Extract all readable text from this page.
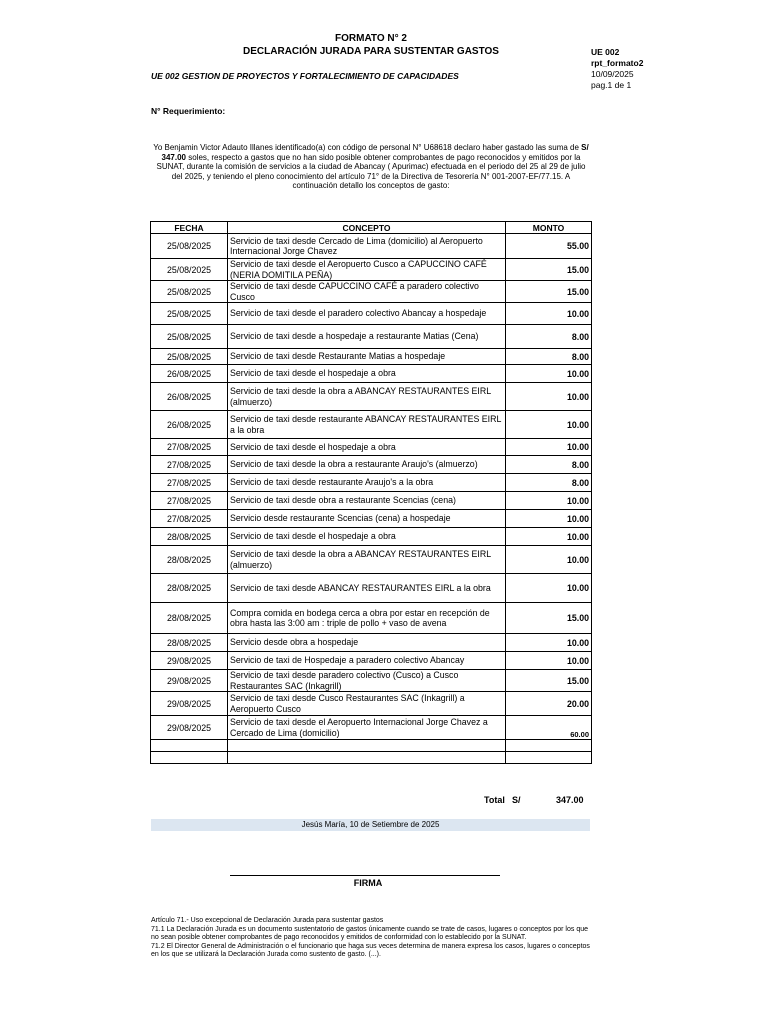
FORMATO N° 2
DECLARACIÓN JURADA PARA SUSTENTAR GASTOS	UE 002
rpt_formato2
10/09/2025
pag.1 de 1
UE 002 GESTION DE PROYECTOS Y FORTALECIMIENTO DE CAPACIDADES
N° Requerimiento:
Yo Benjamin Victor Adauto Illanes identificado(a) con código de personal N° U68618 declaro haber gastado las suma de S/ 347.00 soles, respecto a gastos que no han sido posible obtener comprobantes de pago reconocidos y emitidos por la SUNAT, durante la comisión de servicios a la ciudad de Abancay ( Apurimac) efectuada en el periodo del 25 al 29 de julio del 2025, y teniendo el pleno conocimiento del artículo 71° de la Directiva de Tesorería N° 001-2007-EF/77.15. A continuación detallo los conceptos de gasto:
FECHA	CONCEPTO	MONTO
25/08/2025	Servicio de taxi desde Cercado de Lima (domicilio) al Aeropuerto Internacional Jorge Chavez	55.00
25/08/2025	Servicio de taxi desde el Aeropuerto Cusco a CAPUCCINO CAFÉ (NERIA DOMITILA PEÑA)	15.00
25/08/2025	Servicio de taxi desde CAPUCCINO CAFÉ a paradero colectivo Cusco	15.00
25/08/2025	Servicio de taxi desde el paradero colectivo Abancay a hospedaje	10.00
25/08/2025	Servicio de taxi desde a hospedaje a restaurante Matias (Cena)	8.00
25/08/2025	Servicio de taxi desde Restaurante Matias a hospedaje	8.00
26/08/2025	Servicio de taxi desde el hospedaje a obra	10.00
26/08/2025	Servicio de taxi desde la obra a ABANCAY RESTAURANTES EIRL (almuerzo)	10.00
26/08/2025	Servicio de taxi desde restaurante ABANCAY RESTAURANTES EIRL a la obra	10.00
27/08/2025	Servicio de taxi desde el hospedaje a obra	10.00
27/08/2025	Servicio de taxi desde la obra a restaurante Araujo's (almuerzo)	8.00
27/08/2025	Servicio de taxi desde restaurante Araujo's a la obra	8.00
27/08/2025	Servicio de taxi desde obra a restaurante Scencias (cena)	10.00
27/08/2025	Servicio desde restaurante Scencias (cena) a hospedaje	10.00
28/08/2025	Servicio de taxi desde el hospedaje a obra	10.00
28/08/2025	Servicio de taxi desde la obra a ABANCAY RESTAURANTES EIRL (almuerzo)	10.00
28/08/2025	Servicio de taxi desde ABANCAY RESTAURANTES EIRL a la obra	10.00
28/08/2025	Compra comida en bodega cerca a obra por estar en recepción de obra hasta las 3:00 am : triple de pollo + vaso de avena	15.00
28/08/2025	Servicio desde obra a hospedaje	10.00
29/08/2025	Servicio de taxi de Hospedaje a paradero colectivo Abancay	10.00
29/08/2025	Servicio de taxi desde paradero colectivo (Cusco) a Cusco Restaurantes SAC (Inkagrill)	15.00
29/08/2025	Servicio de taxi desde Cusco Restaurantes SAC (Inkagrill) a Aeropuerto Cusco	20.00
29/08/2025	Servicio de taxi desde el Aeropuerto Internacional Jorge Chavez a Cercado de Lima (domicilio)	60.00

Total S/	347.00
Jesús María, 10 de Setiembre de 2025
FIRMA

Artículo 71.- Uso excepcional de Declaración Jurada para sustentar gastos

71.1 La Declaración Jurada es un documento sustentatorio de gastos únicamente cuando se trate de casos, lugares o conceptos por los que no sean posible obtener comprobantes de pago reconocidos y emitidos de conformidad con lo establecido por la SUNAT.

71.2 El Director General de Administración o el funcionario que haga sus veces determina de manera expresa los casos, lugares o conceptos en los que se utilizará la Declaración Jurada como sustento de gasto. (...).
